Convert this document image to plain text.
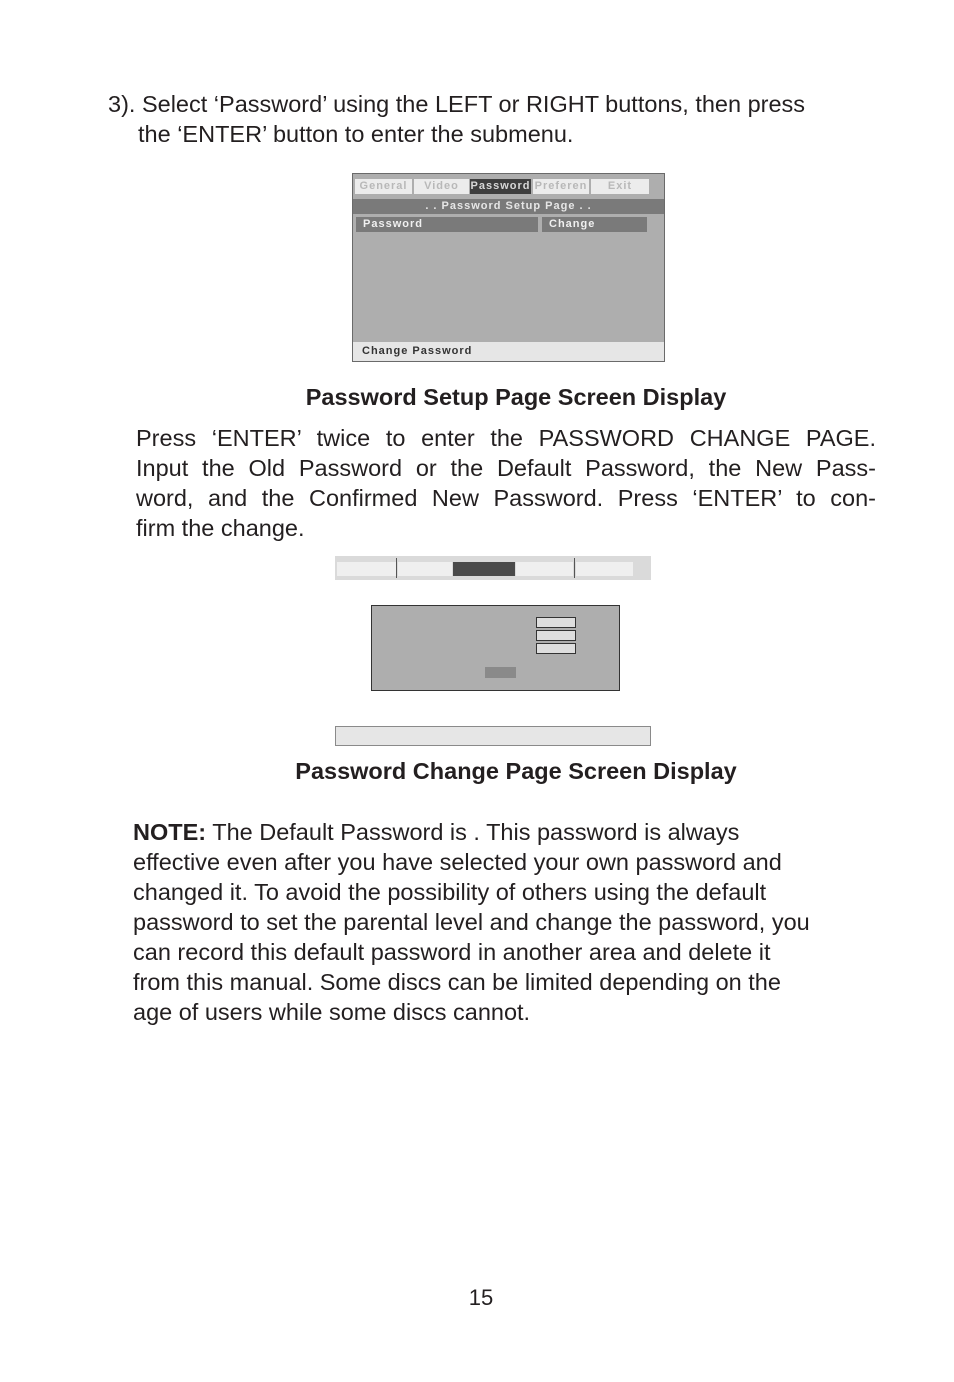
3). Select ‘Password’ using the LEFT or RIGHT buttons, then press
the ‘ENTER’ button to enter the submenu.
General	Video	Password Preferen	Exit
. . Password Setup Page . .
Password	Change
Change Password
Password Setup Page Screen Display
Press ‘ENTER’ twice to enter the PASSWORD CHANGE PAGE.
Input the Old Password or the Default Password, the New Pass-
word, and the Confirmed New Password. Press ‘ENTER’ to con-
firm the change.
Password Change Page Screen Display
NOTE: The Default Password is . This password is always
effective even after you have selected your own password and
changed it. To avoid the possibility of others using the default
password to set the parental level and change the password, you
can record this default password in another area and delete it
from this manual. Some discs can be limited depending on the
age of users while some discs cannot.
15
